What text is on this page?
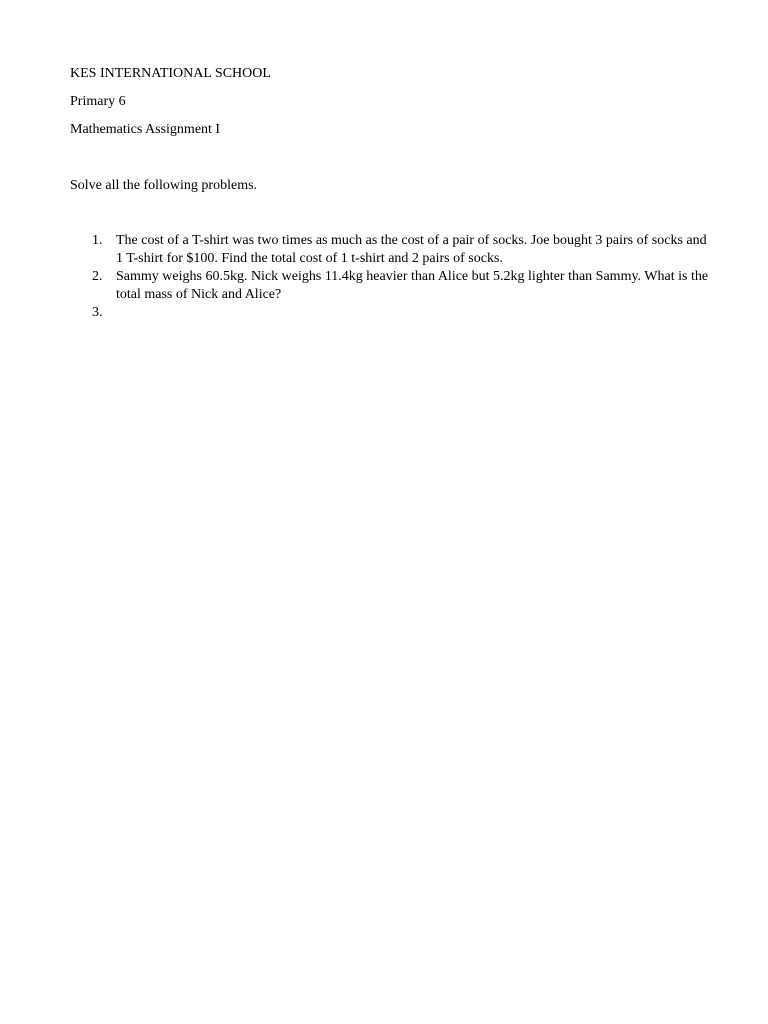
KES INTERNATIONAL SCHOOL

Primary 6

Mathematics Assignment I

Solve all the following problems.

1. The cost of a T-shirt was two times as much as the cost of a pair of socks. Joe bought 3 pairs of socks and 1 T-shirt for $100. Find the total cost of 1 t-shirt and 2 pairs of socks.
2. Sammy weighs 60.5kg. Nick weighs 11.4kg heavier than Alice but 5.2kg lighter than Sammy. What is the total mass of Nick and Alice?
3.
